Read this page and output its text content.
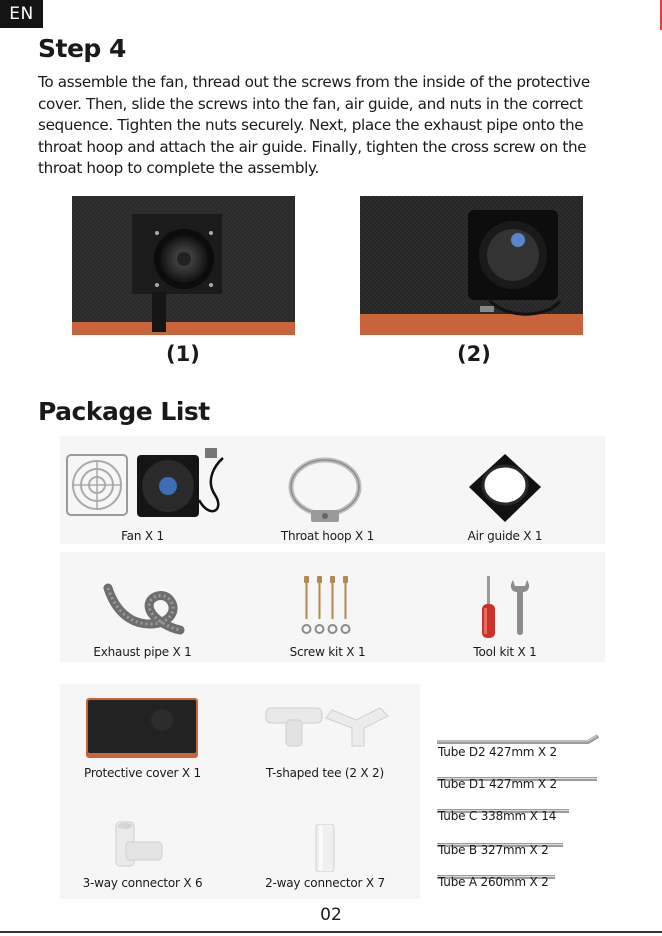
EN
Step 4
To assemble the fan, thread out the screws from the inside of the protective cover. Then, slide the screws into the fan, air guide, and nuts in the correct sequence. Tighten the nuts securely. Next, place the exhaust pipe onto the throat hoop and attach the air guide. Finally, tighten the cross screw on the throat hoop to complete the assembly.
(1)	(2)
Package List
Fan X 1	Throat hoop X 1	Air guide X 1
Exhaust pipe X 1	Screw kit X 1	Tool kit X 1
Protective cover X 1	T-shaped tee (2 X 2)
3-way connector X 6	2-way connector X 7
Tube D2 427mm X 2
Tube D1 427mm X 2
Tube C 338mm X 14
Tube B 327mm X 2
Tube A 260mm X 2
02
